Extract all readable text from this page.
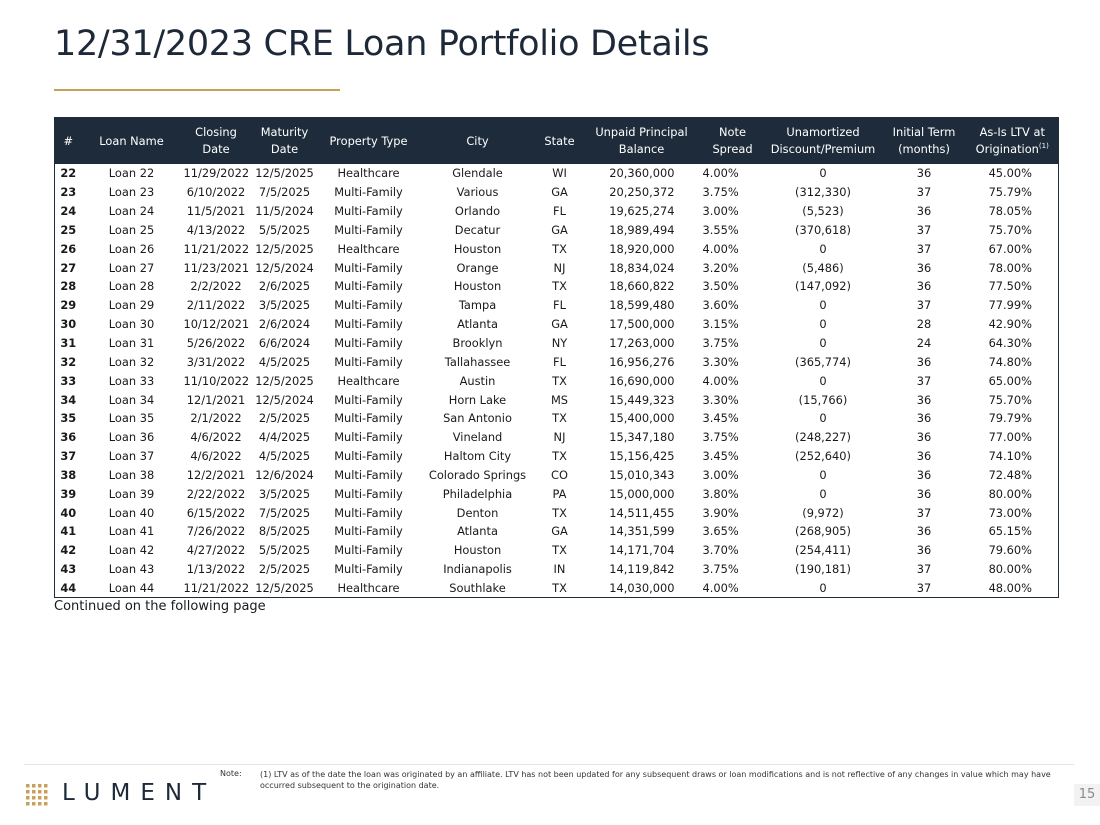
12/31/2023 CRE Loan Portfolio Details
#	Loan Name	Closing Date	Maturity Date	Property Type	City	State	Unpaid Principal Balance	Note Spread	Unamortized Discount/Premium	Initial Term (months)	As-Is LTV at Origination$^{(1)}$
22	Loan 22	11/29/2022	12/5/2025	Healthcare	Glendale	WI	20,360,000	4.00%	0	36	45.00%
23	Loan 23	6/10/2022	7/5/2025	Multi-Family	Various	GA	20,250,372	3.75%	(312,330)	37	75.79%
24	Loan 24	11/5/2021	11/5/2024	Multi-Family	Orlando	FL	19,625,274	3.00%	(5,523)	36	78.05%
25	Loan 25	4/13/2022	5/5/2025	Multi-Family	Decatur	GA	18,989,494	3.55%	(370,618)	37	75.70%
26	Loan 26	11/21/2022	12/5/2025	Healthcare	Houston	TX	18,920,000	4.00%	0	37	67.00%
27	Loan 27	11/23/2021	12/5/2024	Multi-Family	Orange	NJ	18,834,024	3.20%	(5,486)	36	78.00%
28	Loan 28	2/2/2022	2/6/2025	Multi-Family	Houston	TX	18,660,822	3.50%	(147,092)	36	77.50%
29	Loan 29	2/11/2022	3/5/2025	Multi-Family	Tampa	FL	18,599,480	3.60%	0	37	77.99%
30	Loan 30	10/12/2021	2/6/2024	Multi-Family	Atlanta	GA	17,500,000	3.15%	0	28	42.90%
31	Loan 31	5/26/2022	6/6/2024	Multi-Family	Brooklyn	NY	17,263,000	3.75%	0	24	64.30%
32	Loan 32	3/31/2022	4/5/2025	Multi-Family	Tallahassee	FL	16,956,276	3.30%	(365,774)	36	74.80%
33	Loan 33	11/10/2022	12/5/2025	Healthcare	Austin	TX	16,690,000	4.00%	0	37	65.00%
34	Loan 34	12/1/2021	12/5/2024	Multi-Family	Horn Lake	MS	15,449,323	3.30%	(15,766)	36	75.70%
35	Loan 35	2/1/2022	2/5/2025	Multi-Family	San Antonio	TX	15,400,000	3.45%	0	36	79.79%
36	Loan 36	4/6/2022	4/4/2025	Multi-Family	Vineland	NJ	15,347,180	3.75%	(248,227)	36	77.00%
37	Loan 37	4/6/2022	4/5/2025	Multi-Family	Haltom City	TX	15,156,425	3.45%	(252,640)	36	74.10%
38	Loan 38	12/2/2021	12/6/2024	Multi-Family	Colorado Springs	CO	15,010,343	3.00%	0	36	72.48%
39	Loan 39	2/22/2022	3/5/2025	Multi-Family	Philadelphia	PA	15,000,000	3.80%	0	36	80.00%
40	Loan 40	6/15/2022	7/5/2025	Multi-Family	Denton	TX	14,511,455	3.90%	(9,972)	37	73.00%
41	Loan 41	7/26/2022	8/5/2025	Multi-Family	Atlanta	GA	14,351,599	3.65%	(268,905)	36	65.15%
42	Loan 42	4/27/2022	5/5/2025	Multi-Family	Houston	TX	14,171,704	3.70%	(254,411)	36	79.60%
43	Loan 43	1/13/2022	2/5/2025	Multi-Family	Indianapolis	IN	14,119,842	3.75%	(190,181)	37	80.00%
44	Loan 44	11/21/2022	12/5/2025	Healthcare	Southlake	TX	14,030,000	4.00%	0	37	48.00%
Continued on the following page
LUMENT
Note: (1) LTV as of the date the loan was originated by an affiliate. LTV has not been updated for any subsequent draws or loan modifications and is not reflective of any changes in value which may have occurred subsequent to the origination date.
15
